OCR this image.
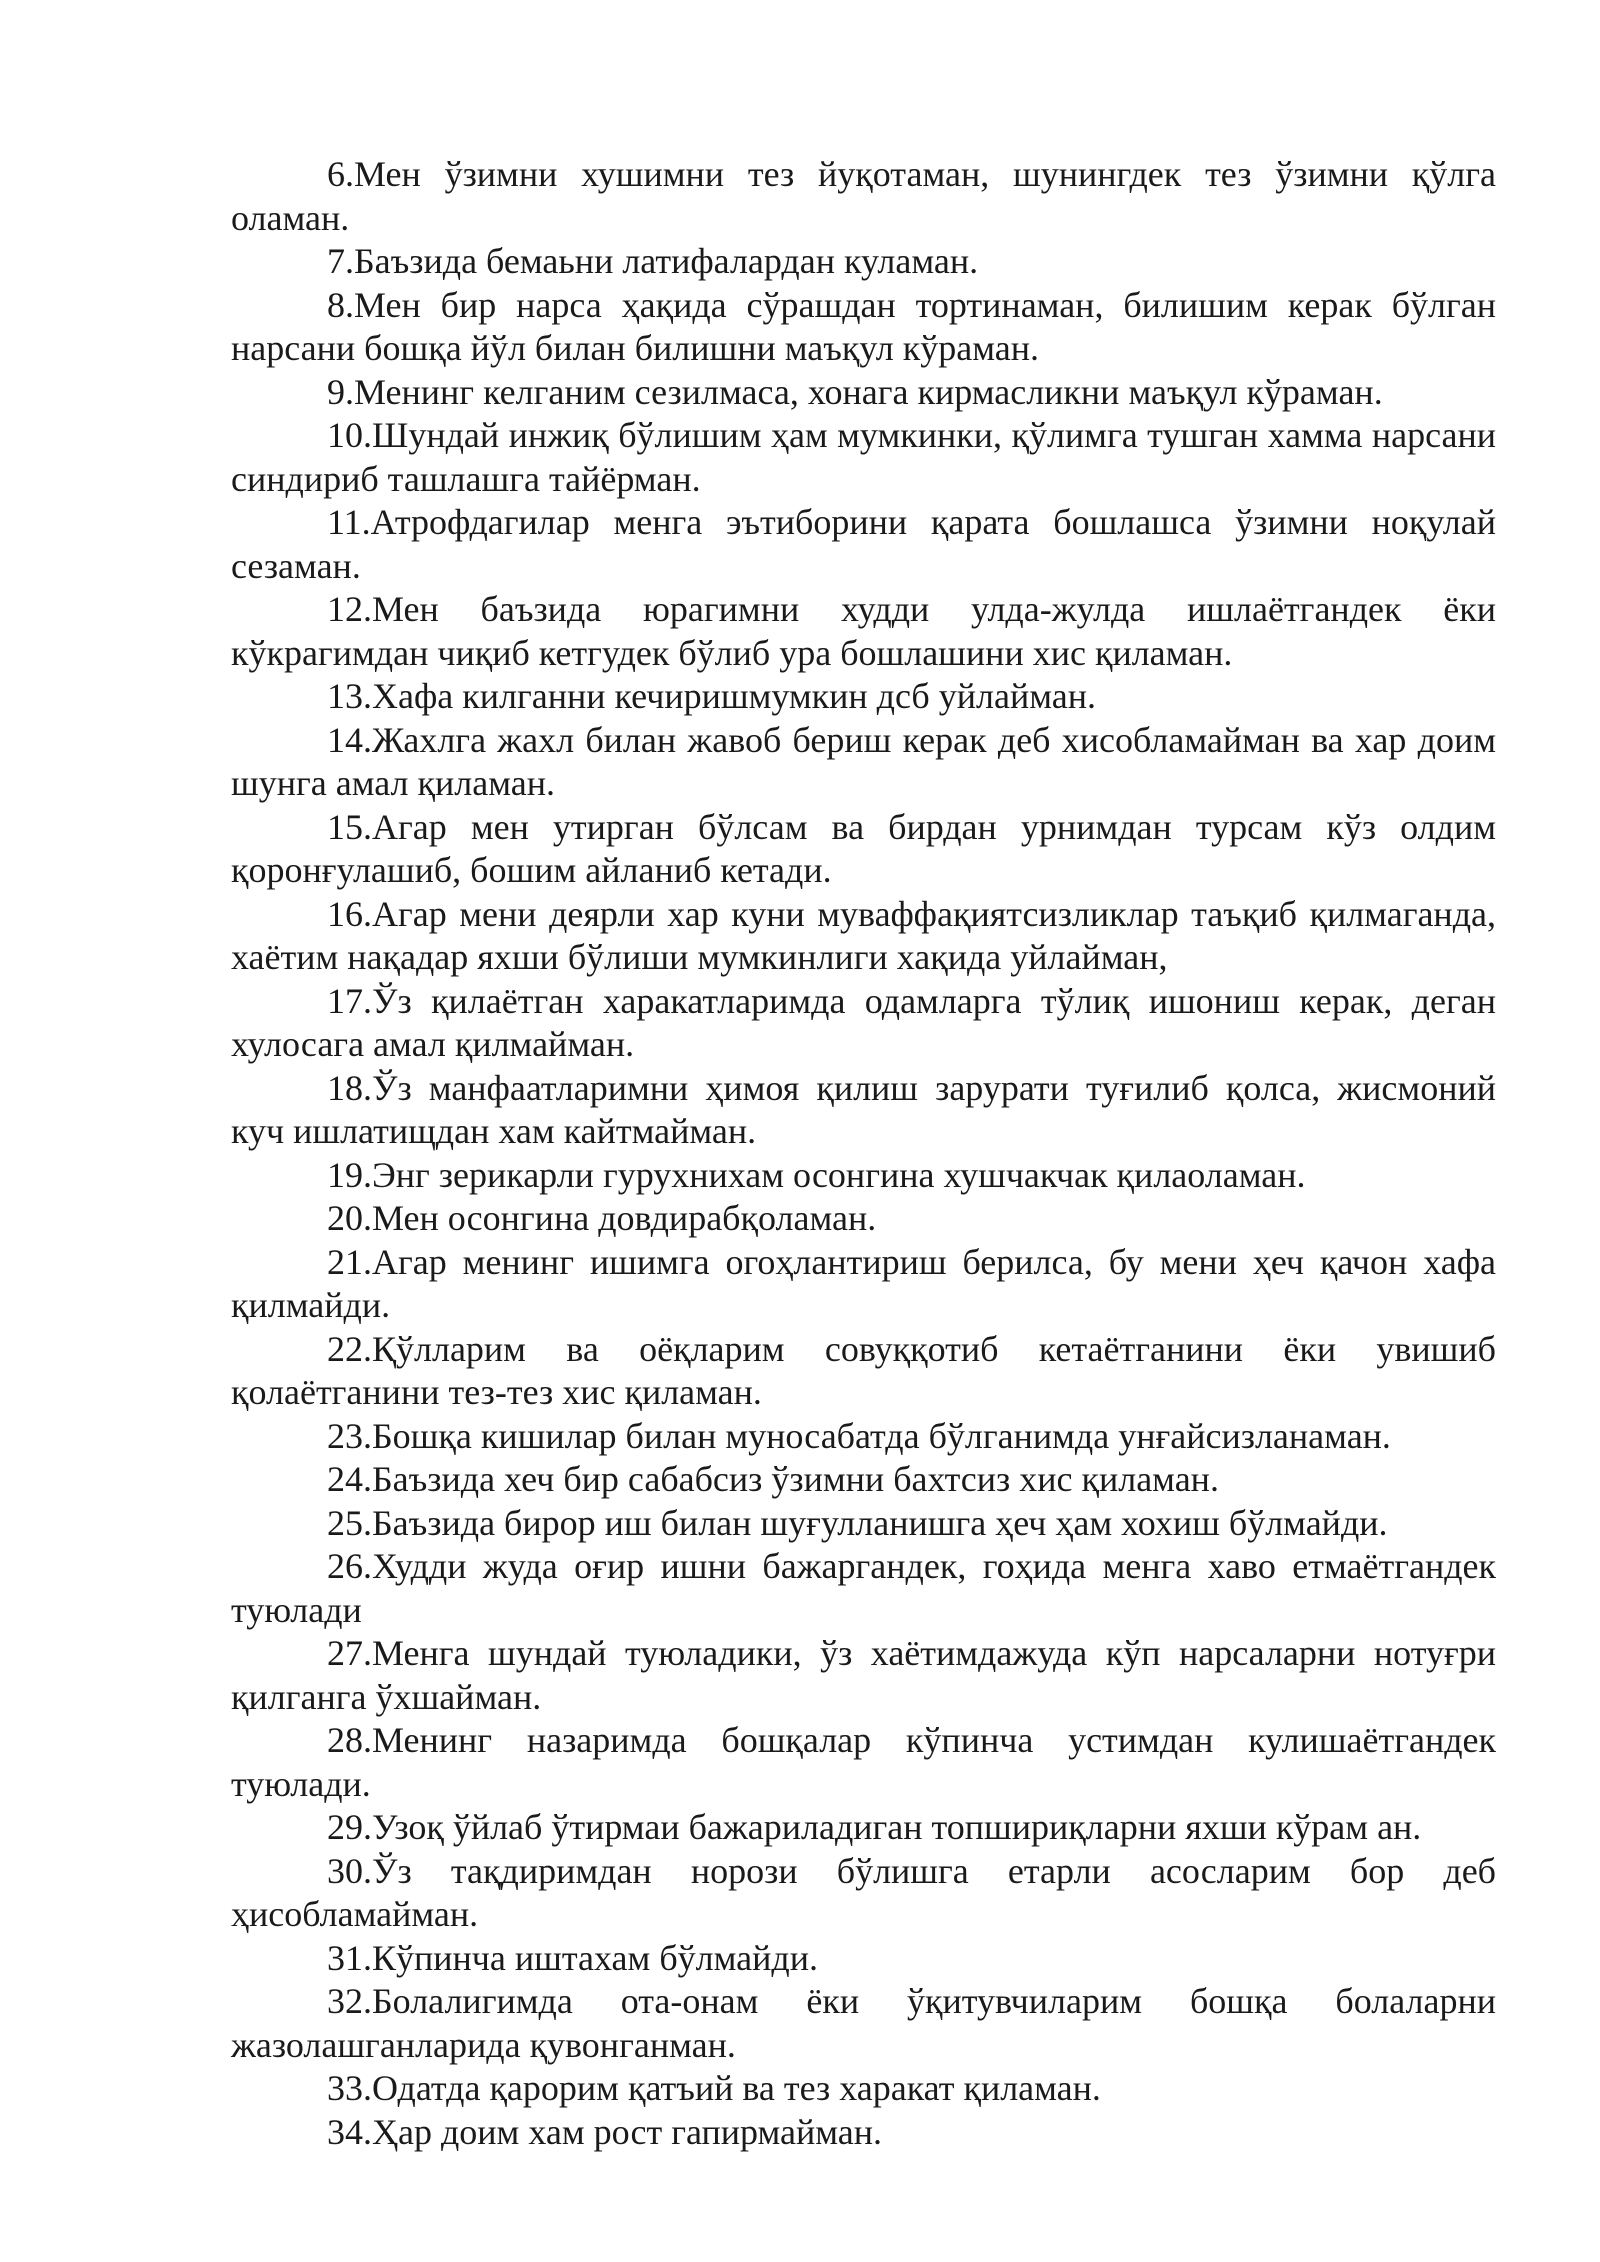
6.Мен ўзимни хушимни тез йуқотаман, шунингдек тез ўзимни қўлга оламан.

7.Баъзида бемаьни латифалардан куламан.

8.Мен бир нарса ҳақида сўрашдан тортинаман, билишим керак бўлган нарсани бошқа йўл билан билишни маъқул кўраман.

9.Менинг келганим сезилмаса, хонага кирмасликни маъқул кўраман.

10.Шундай инжиқ бўлишим ҳам мумкинки, қўлимга тушган хамма нарсани синдириб ташлашга тайёрман.

11.Атрофдагилар менга эътиборини қарата бошлашса ўзимни ноқулай сезаман.

12.Мен баъзида юрагимни худди улда-жулда ишлаётгандек ёки кўкрагимдан чиқиб кетгудек бўлиб ура бошлашини хис қиламан.

13.Хафа килганни кечиришмумкин дсб уйлайман.

14.Жахлга жахл билан жавоб бериш керак деб хисобламайман ва хар доим шунга амал қиламан.

15.Агар мен утирган бўлсам ва бирдан урнимдан турсам кўз олдим қоронғулашиб, бошим айланиб кетади.

16.Агар мени деярли хар куни муваффақиятсизликлар таъқиб қилмаганда, хаётим нақадар яхши бўлиши мумкинлиги хақида уйлайман,

17.Ўз қилаётган харакатларимда одамларга тўлиқ ишониш керак, деган хулосага амал қилмайман.

18.Ўз манфаатларимни ҳимоя қилиш зарурати туғилиб қолса, жисмоний куч ишлатищдан хам кайтмайман.

19.Энг зерикарли гурухнихам осонгина хушчакчак қилаоламан.

20.Мен осонгина довдирабқоламан.

21.Агар менинг ишимга огоҳлантириш берилса, бу мени ҳеч қачон хафа қилмайди.

22.Қўлларим ва оёқларим совуққотиб кетаётганини ёки увишиб қолаётганини тез-тез хис қиламан.

23.Бошқа кишилар билан муносабатда бўлганимда унғайсизланаман.

24.Баъзида хеч бир сабабсиз ўзимни бахтсиз хис қиламан.

25.Баъзида бирор иш билан шуғулланишга ҳеч ҳам хохиш бўлмайди.

26.Худди жуда оғир ишни бажаргандек, гоҳида менга хаво етмаётгандек туюлади

27.Менга шундай туюладики, ўз хаётимдажуда кўп нарсаларни нотуғри қилганга ўхшайман.

28.Менинг назаримда бошқалар кўпинча устимдан кулишаётгандек туюлади.

29.Узоқ ўйлаб ўтирмаи бажариладиган топшириқларни яхши кўрам ан.

30.Ўз тақдиримдан норози бўлишга етарли асосларим бор деб ҳисобламайман.

31.Кўпинча иштахам бўлмайди.

32.Болалигимда ота-онам ёки ўқитувчиларим бошқа болаларни жазолашганларида қувонганман.

33.Одатда қарорим қатъий ва тез харакат қиламан.

34.Ҳар доим хам рост гапирмайман.
